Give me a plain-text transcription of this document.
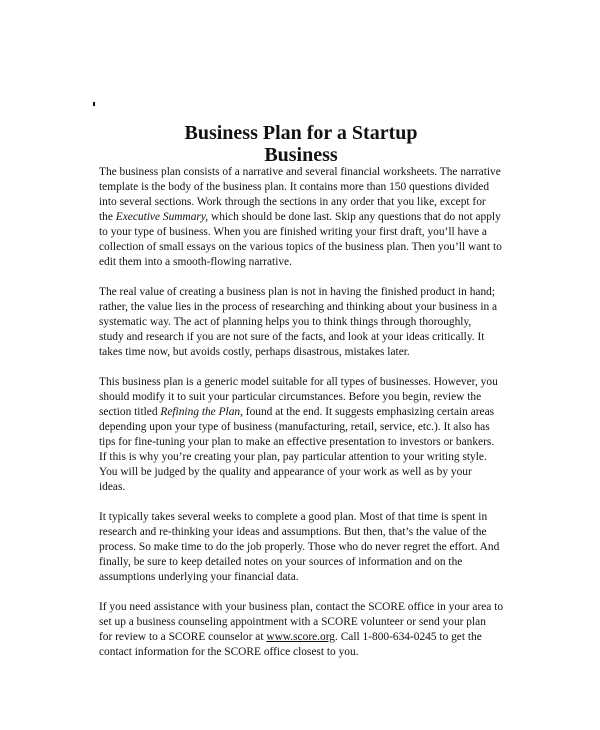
Business Plan for a Startup
Business

The business plan consists of a narrative and several financial worksheets. The narrative
template is the body of the business plan. It contains more than 150 questions divided
into several sections. Work through the sections in any order that you like, except for
the Executive Summary, which should be done last. Skip any questions that do not apply
to your type of business. When you are finished writing your first draft, you’ll have a
collection of small essays on the various topics of the business plan. Then you’ll want to
edit them into a smooth-flowing narrative.

The real value of creating a business plan is not in having the finished product in hand;
rather, the value lies in the process of researching and thinking about your business in a
systematic way. The act of planning helps you to think things through thoroughly,
study and research if you are not sure of the facts, and look at your ideas critically. It
takes time now, but avoids costly, perhaps disastrous, mistakes later.

This business plan is a generic model suitable for all types of businesses. However, you
should modify it to suit your particular circumstances. Before you begin, review the
section titled Refining the Plan, found at the end. It suggests emphasizing certain areas
depending upon your type of business (manufacturing, retail, service, etc.). It also has
tips for fine-tuning your plan to make an effective presentation to investors or bankers.
If this is why you’re creating your plan, pay particular attention to your writing style.
You will be judged by the quality and appearance of your work as well as by your
ideas.

It typically takes several weeks to complete a good plan. Most of that time is spent in
research and re-thinking your ideas and assumptions. But then, that’s the value of the
process. So make time to do the job properly. Those who do never regret the effort. And
finally, be sure to keep detailed notes on your sources of information and on the
assumptions underlying your financial data.

If you need assistance with your business plan, contact the SCORE office in your area to
set up a business counseling appointment with a SCORE volunteer or send your plan
for review to a SCORE counselor at www.score.org. Call 1-800-634-0245 to get the
contact information for the SCORE office closest to you.
